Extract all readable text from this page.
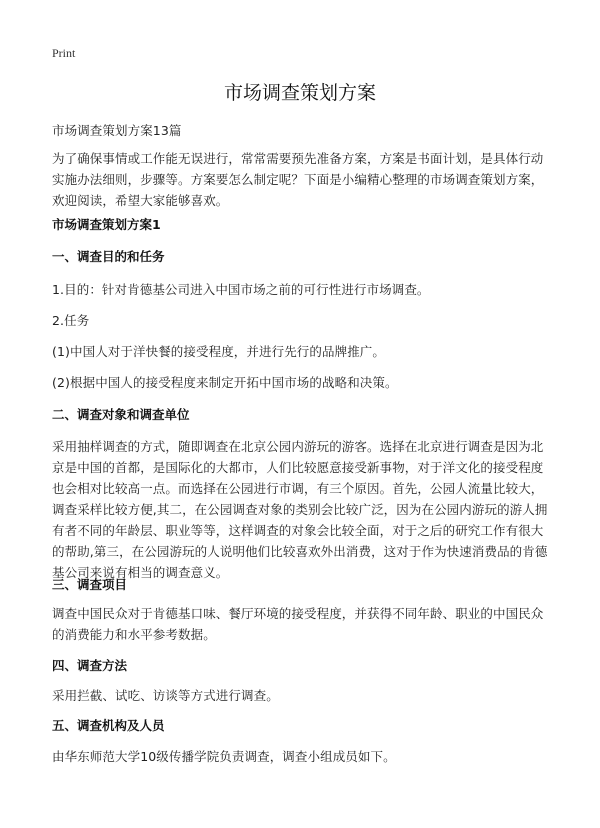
Print
市场调查策划方案
市场调查策划方案13篇
为了确保事情或工作能无误进行，常常需要预先准备方案，方案是书面计划，是具体行动实施办法细则，步骤等。方案要怎么制定呢？下面是小编精心整理的市场调查策划方案，欢迎阅读，希望大家能够喜欢。
市场调查策划方案1
一、调查目的和任务
1.目的：针对肯德基公司进入中国市场之前的可行性进行市场调查。
2.任务
(1)中国人对于洋快餐的接受程度，并进行先行的品牌推广。
(2)根据中国人的接受程度来制定开拓中国市场的战略和决策。
二、调查对象和调查单位
采用抽样调查的方式，随即调查在北京公园内游玩的游客。选择在北京进行调查是因为北京是中国的首都，是国际化的大都市，人们比较愿意接受新事物，对于洋文化的接受程度也会相对比较高一点。而选择在公园进行市调，有三个原因。首先，公园人流量比较大，调查采样比较方便,其二，在公园调查对象的类别会比较广泛，因为在公园内游玩的游人拥有者不同的年龄层、职业等等，这样调查的对象会比较全面，对于之后的研究工作有很大的帮助,第三，在公园游玩的人说明他们比较喜欢外出消费，这对于作为快速消费品的肯德基公司来说有相当的调查意义。
三、调查项目
调查中国民众对于肯德基口味、餐厅环境的接受程度，并获得不同年龄、职业的中国民众的消费能力和水平参考数据。
四、调查方法
采用拦截、试吃、访谈等方式进行调查。
五、调查机构及人员
由华东师范大学10级传播学院负责调查，调查小组成员如下。
